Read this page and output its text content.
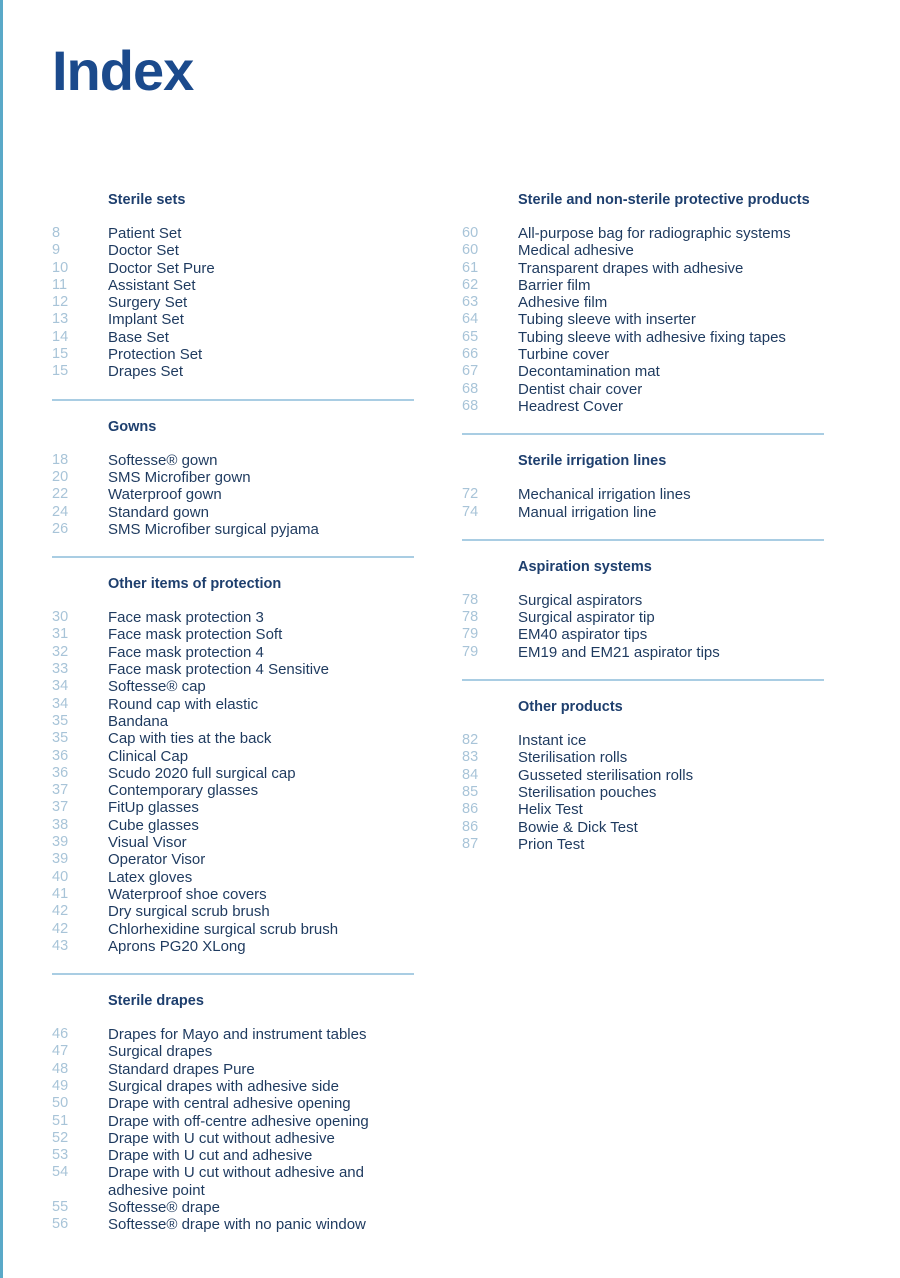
Index
Sterile sets
8	Patient Set
9	Doctor Set
10	Doctor Set Pure
11	Assistant Set
12	Surgery Set
13	Implant Set
14	Base Set
15	Protection Set
15	Drapes Set
Gowns
18	Softesse® gown
20	SMS Microfiber gown
22	Waterproof gown
24	Standard gown
26	SMS Microfiber surgical pyjama
Other items of protection
30	Face mask protection 3
31	Face mask protection Soft
32	Face mask protection 4
33	Face mask protection 4 Sensitive
34	Softesse® cap
34	Round cap with elastic
35	Bandana
35	Cap with ties at the back
36	Clinical Cap
36	Scudo 2020 full surgical cap
37	Contemporary glasses
37	FitUp glasses
38	Cube glasses
39	Visual Visor
39	Operator Visor
40	Latex gloves
41	Waterproof shoe covers
42	Dry surgical scrub brush
42	Chlorhexidine surgical scrub brush
43	Aprons PG20 XLong
Sterile drapes
46	Drapes for Mayo and instrument tables
47	Surgical drapes
48	Standard drapes Pure
49	Surgical drapes with adhesive side
50	Drape with central adhesive opening
51	Drape with off-centre adhesive opening
52	Drape with U cut without adhesive
53	Drape with U cut and adhesive
54	Drape with U cut without adhesive and adhesive point
55	Softesse® drape
56	Softesse® drape with no panic window
Sterile and non-sterile protective products
60	All-purpose bag for radiographic systems
60	Medical adhesive
61	Transparent drapes with adhesive
62	Barrier film
63	Adhesive film
64	Tubing sleeve with inserter
65	Tubing sleeve with adhesive fixing tapes
66	Turbine cover
67	Decontamination mat
68	Dentist chair cover
68	Headrest Cover
Sterile irrigation lines
72	Mechanical irrigation lines
74	Manual irrigation line
Aspiration systems
78	Surgical aspirators
78	Surgical aspirator tip
79	EM40 aspirator tips
79	EM19 and EM21 aspirator tips
Other products
82	Instant ice
83	Sterilisation rolls
84	Gusseted sterilisation rolls
85	Sterilisation pouches
86	Helix Test
86	Bowie & Dick Test
87	Prion Test
